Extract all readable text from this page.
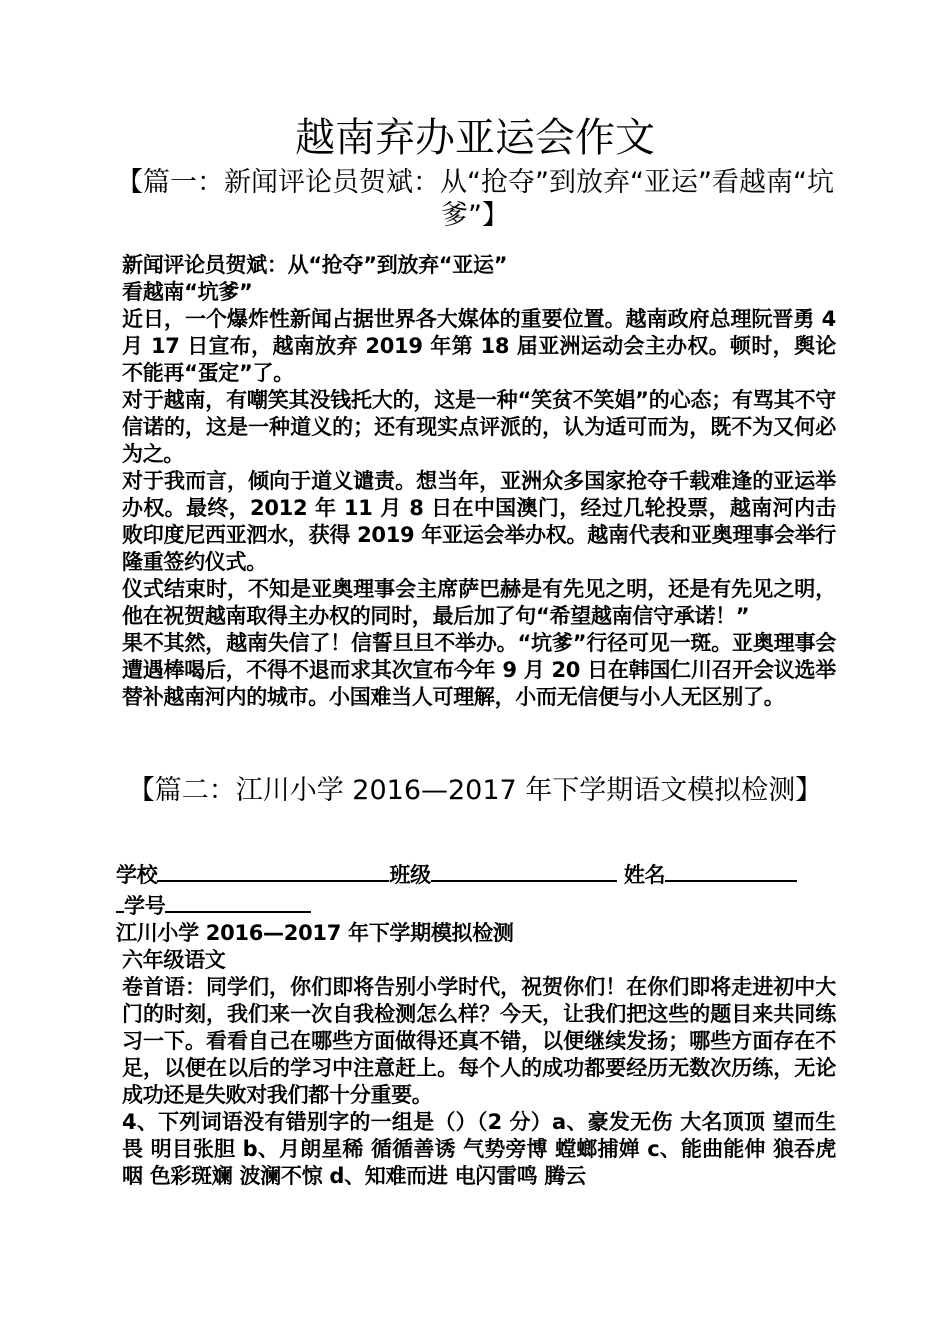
越南弃办亚运会作文
【篇一：新闻评论员贺斌：从“抢夺”到放弃“亚运”看越南“坑爹”】

新闻评论员贺斌：从“抢夺”到放弃“亚运”

看越南“坑爹”

近日，一个爆炸性新闻占据世界各大媒体的重要位置。越南政府总理阮晋勇 4 月 17 日宣布，越南放弃 2019 年第 18 届亚洲运动会主办权。顿时，舆论不能再“蛋定”了。

对于越南，有嘲笑其没钱托大的，这是一种“笑贫不笑娼”的心态；有骂其不守信诺的，这是一种道义的；还有现实点评派的，认为适可而为，既不为又何必为之。

对于我而言，倾向于道义谴责。想当年，亚洲众多国家抢夺千载难逢的亚运举办权。最终，2012 年 11 月 8 日在中国澳门，经过几轮投票，越南河内击败印度尼西亚泗水，获得 2019 年亚运会举办权。越南代表和亚奥理事会举行隆重签约仪式。

仪式结束时，不知是亚奥理事会主席萨巴赫是有先见之明，还是有先见之明，他在祝贺越南取得主办权的同时，最后加了句“希望越南信守承诺！”

果不其然，越南失信了！信誓旦旦不举办。“坑爹”行径可见一斑。亚奥理事会遭遇棒喝后，不得不退而求其次宣布今年 9 月 20 日在韩国仁川召开会议选举替补越南河内的城市。小国难当人可理解，小而无信便与小人无区别了。

【篇二：江川小学 2016—2017 年下学期语文模拟检测】

学校	班级	姓名

学号

江川小学 2016—2017 年下学期模拟检测

六年级语文

卷首语：同学们，你们即将告别小学时代，祝贺你们！在你们即将走进初中大门的时刻，我们来一次自我检测怎么样？今天，让我们把这些的题目来共同练习一下。看看自己在哪些方面做得还真不错，以便继续发扬；哪些方面存在不足，以便在以后的学习中注意赶上。每个人的成功都要经历无数次历练，无论成功还是失败对我们都十分重要。

4、下列词语没有错别字的一组是（）（2 分）a、豪发无伤 大名顶顶 望而生畏 明目张胆 b、月朗星稀 循循善诱 气势旁博 螳螂捕婵 c、能曲能伸 狼吞虎咽 色彩斑斓 波澜不惊 d、知难而进 电闪雷鸣 腾云
